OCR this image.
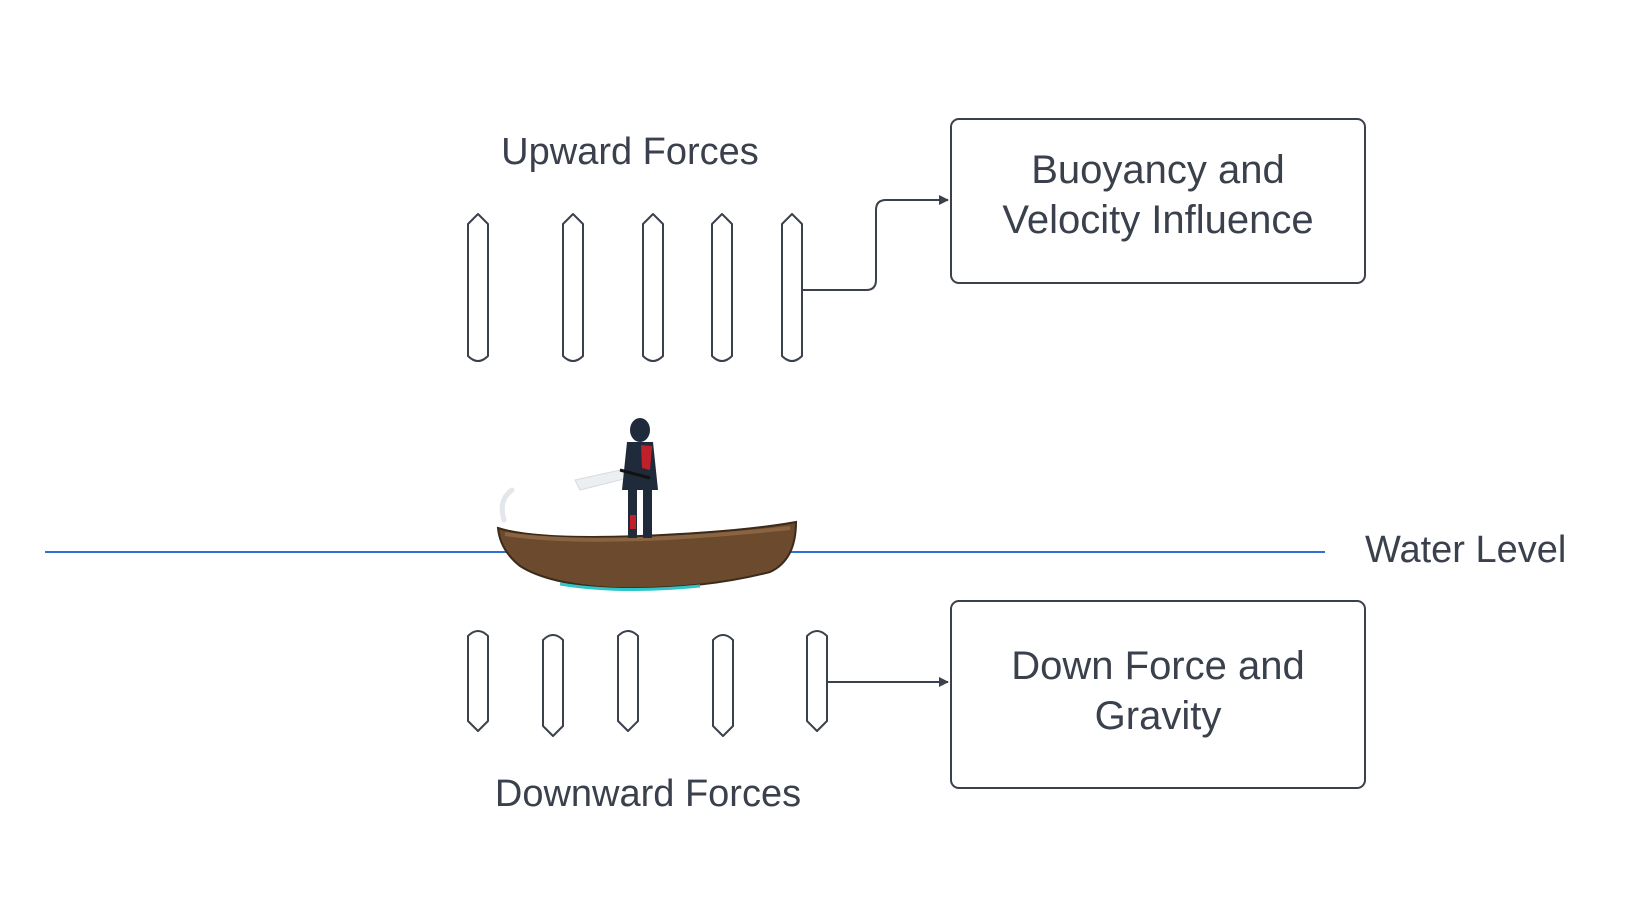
Upward Forces
Downward Forces
Water Level
Buoyancy and
Velocity Influence
Down Force and
Gravity
